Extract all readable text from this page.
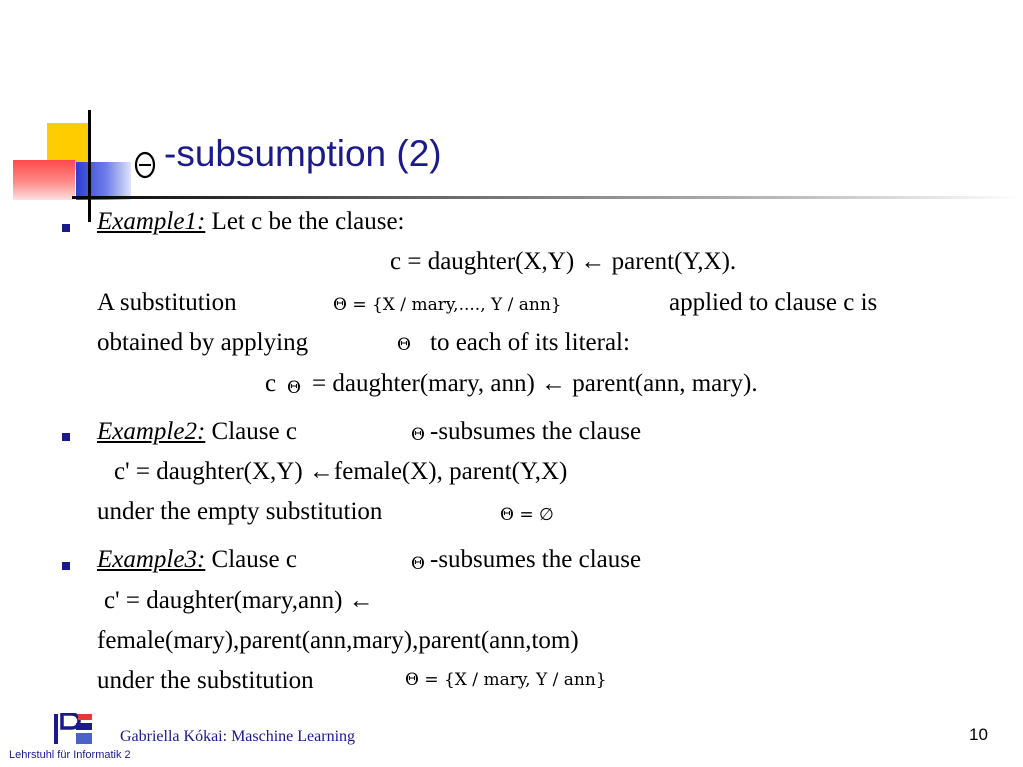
-subsumption (2)
Example1: Let c be the clause:
c = daughter(X,Y) ← parent(Y,X).
A substitution	Θ = {X / mary,...., Y / ann}	applied to clause c is
obtained by applying	Θ to each of its literal:
c Θ = daughter(mary, ann) ← parent(ann, mary).
Example2: Clause c	Θ -subsumes the clause
c' = daughter(X,Y) ←female(X), parent(Y,X)
under the empty substitution	Θ = ∅
Example3: Clause c	Θ -subsumes the clause
c' = daughter(mary,ann) ←
female(mary),parent(ann,mary),parent(ann,tom)
under the substitution	Θ = {X / mary, Y / ann}
Gabriella Kókai: Maschine Learning
Lehrstuhl für Informatik 2
10
